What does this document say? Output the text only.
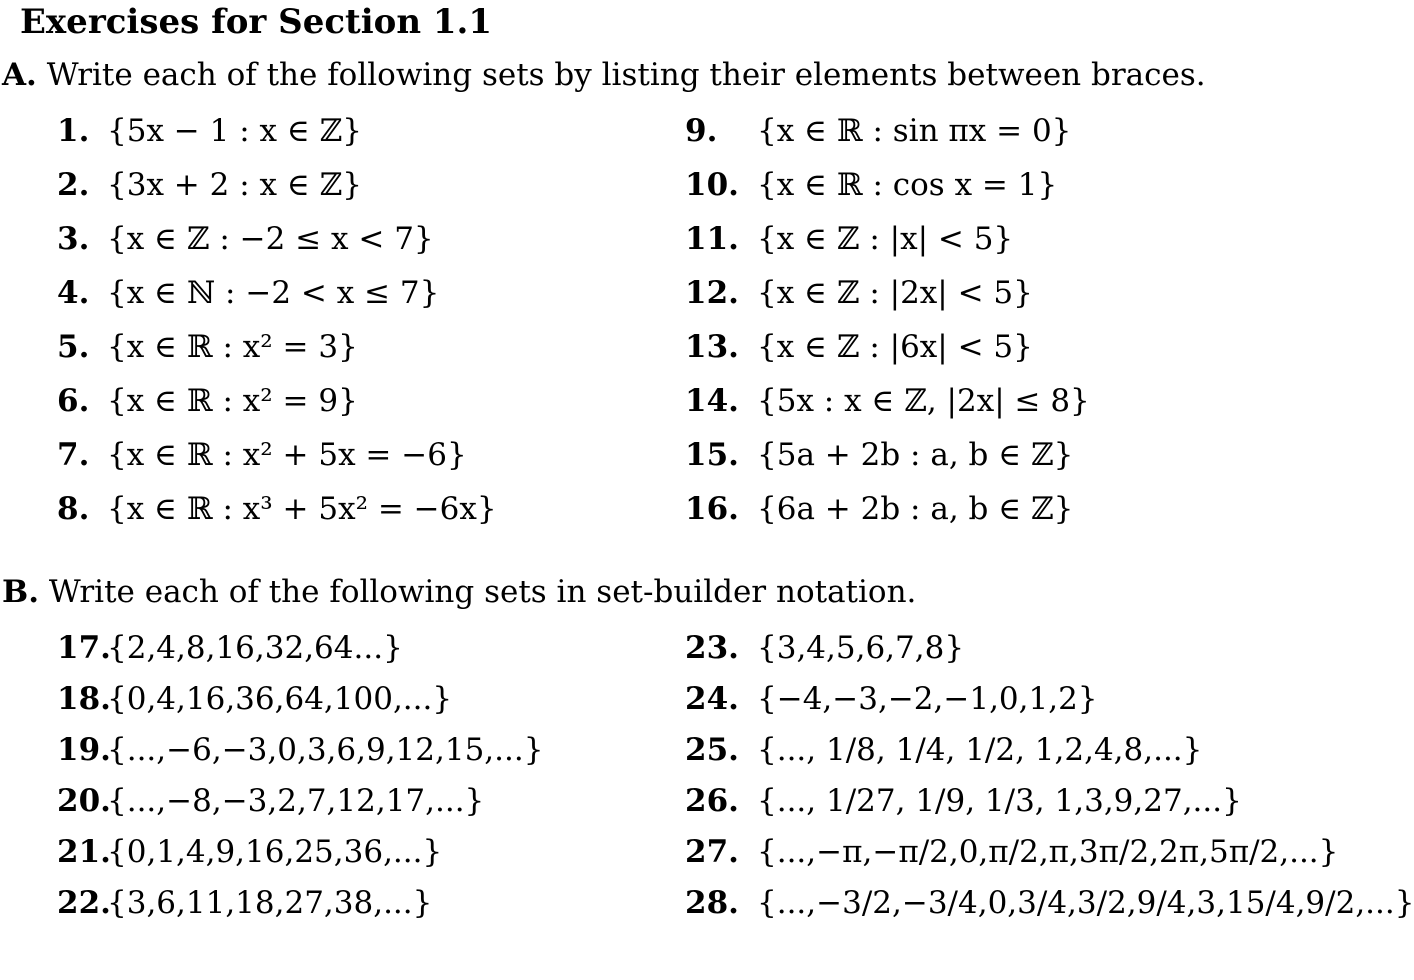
Exercises for Section 1.1
A. Write each of the following sets by listing their elements between braces.
1. {5x − 1 : x ∈ ℤ}
2. {3x + 2 : x ∈ ℤ}
3. {x ∈ ℤ : −2 ≤ x < 7}
4. {x ∈ ℕ : −2 < x ≤ 7}
5. {x ∈ ℝ : x² = 3}
6. {x ∈ ℝ : x² = 9}
7. {x ∈ ℝ : x² + 5x = −6}
8. {x ∈ ℝ : x³ + 5x² = −6x}
9.	{x ∈ ℝ : sin πx = 0}
10. {x ∈ ℝ : cos x = 1}
11. {x ∈ ℤ : |x| < 5}
12. {x ∈ ℤ : |2x| < 5}
13. {x ∈ ℤ : |6x| < 5}
14. {5x : x ∈ ℤ, |2x| ≤ 8}
15. {5a + 2b : a, b ∈ ℤ}
16. {6a + 2b : a, b ∈ ℤ}
B. Write each of the following sets in set-builder notation.
17.
{2,4,8,16,32,64...}
18.
{0,4,16,36,64,100,...}
19.
{...,−6,−3,0,3,6,9,12,15,...}
20.
{...,−8,−3,2,7,12,17,...}
21.
{0,1,4,9,16,25,36,...}
22.
{3,6,11,18,27,38,...}
23. {3,4,5,6,7,8}
24. {−4,−3,−2,−1,0,1,2}
25. {..., 1/8, 1/4, 1/2, 1,2,4,8,...}
26. {..., 1/27, 1/9, 1/3, 1,3,9,27,...}
27. {...,−π,−π/2,0,π/2,π,3π/2,2π,5π/2,...}
28. {...,−3/2,−3/4,0,3/4,3/2,9/4,3,15/4,9/2,...}
